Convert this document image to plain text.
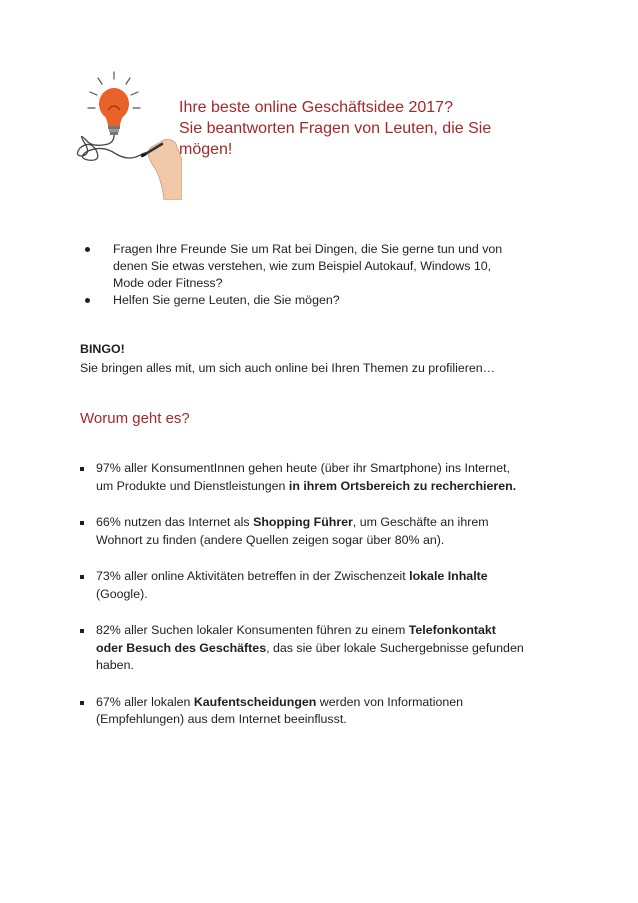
Ihre beste online Geschäftsidee 2017?
Sie beantworten Fragen von Leuten, die Sie
mögen!
Fragen Ihre Freunde Sie um Rat bei Dingen, die Sie gerne tun und von
denen Sie etwas verstehen, wie zum Beispiel Autokauf, Windows 10,
Mode oder Fitness?
Helfen Sie gerne Leuten, die Sie mögen?
BINGO!
Sie bringen alles mit, um sich auch online bei Ihren Themen zu profilieren…
Worum geht es?
97% aller KonsumentInnen gehen heute (über ihr Smartphone) ins Internet,
um Produkte und Dienstleistungen in ihrem Ortsbereich zu recherchieren.
66% nutzen das Internet als Shopping Führer, um Geschäfte an ihrem
Wohnort zu finden (andere Quellen zeigen sogar über 80% an).
73% aller online Aktivitäten betreffen in der Zwischenzeit lokale Inhalte
(Google).
82% aller Suchen lokaler Konsumenten führen zu einem Telefonkontakt
oder Besuch des Geschäftes, das sie über lokale Suchergebnisse gefunden
haben.
67% aller lokalen Kaufentscheidungen werden von Informationen
(Empfehlungen) aus dem Internet beeinflusst.
